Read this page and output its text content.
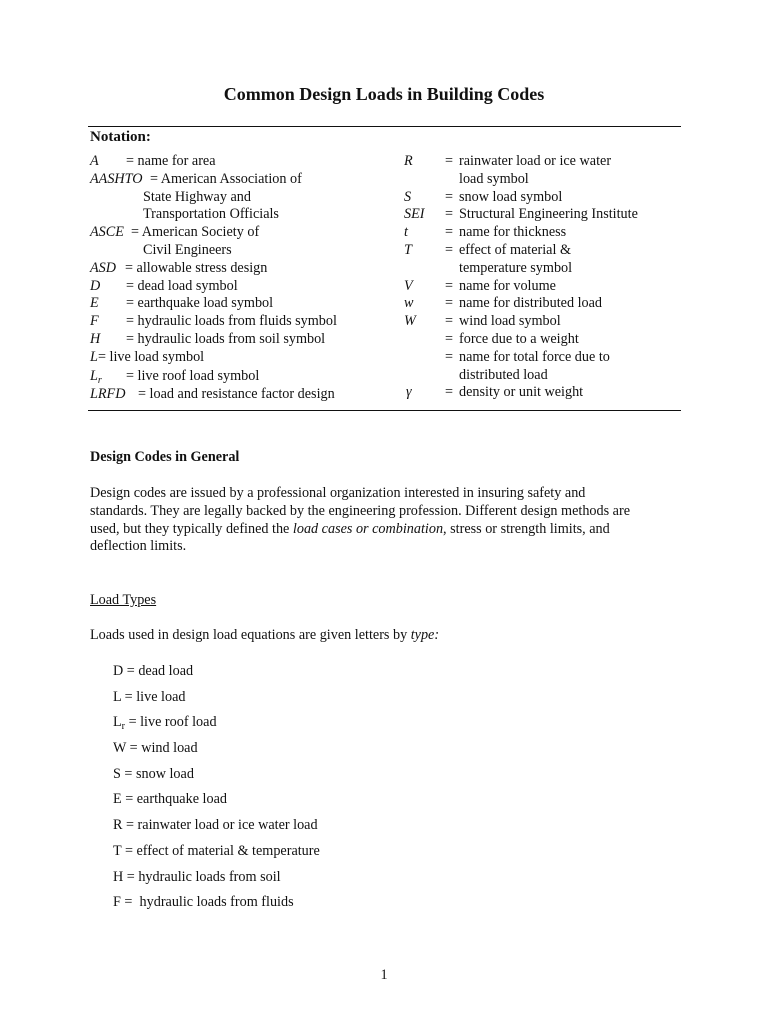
Common Design Loads in Building Codes
Notation:
A = name for area
AASHTO = American Association of
State Highway and
Transportation Officials
ASCE = American Society of
Civil Engineers
ASD = allowable stress design
D = dead load symbol
E = earthquake load symbol
F = hydraulic loads from fluids symbol
H = hydraulic loads from soil symbol
L = live load symbol
$L_r$ = live roof load symbol
LRFD = load and resistance factor design
R = rainwater load or ice water
load symbol
S = snow load symbol
SEI = Structural Engineering Institute
t	= name for thickness
T = effect of material &
temperature symbol
V = name for volume
w = name for distributed load
W = wind load symbol
= force due to a weight
= name for total force due to
distributed load
γ = density or unit weight
Design Codes in General
Design codes are issued by a professional organization interested in insuring safety and
standards. They are legally backed by the engineering profession. Different design methods are
used, but they typically defined the load cases or combination, stress or strength limits, and
deflection limits.
Load Types
Loads used in design load equations are given letters by type:
D = dead load
L = live load
$L_r$ = live roof load
W = wind load
S = snow load
E = earthquake load
R = rainwater load or ice water load
T = effect of material & temperature
H = hydraulic loads from soil
F =  hydraulic loads from fluids
1
